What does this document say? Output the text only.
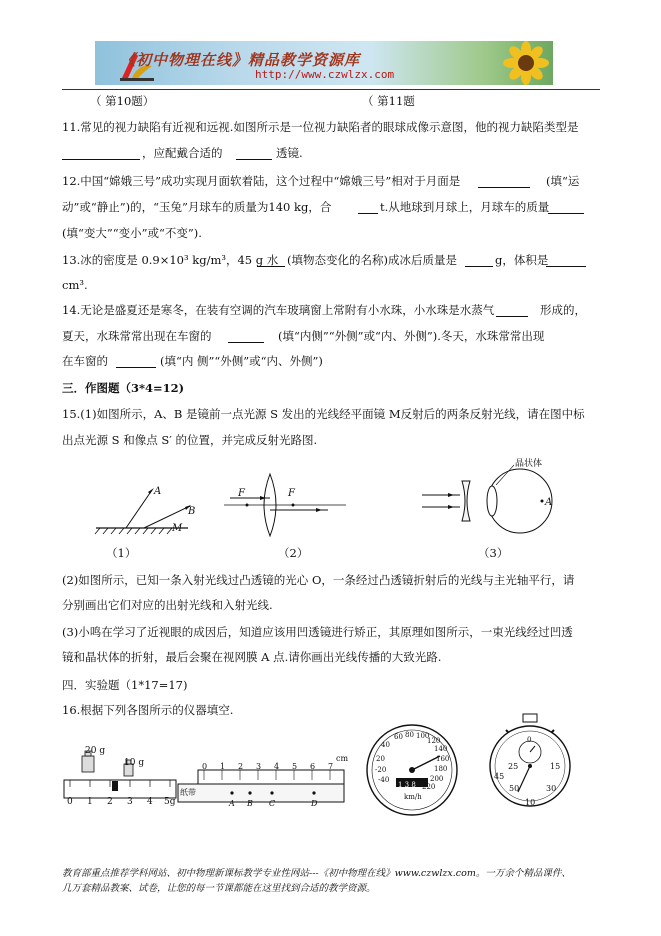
《初中物理在线》精品教学资源库
http://www.czwlzx.com
（ 第10题）	（ 第11题
11.常见的视力缺陷有近视和远视.如图所示是一位视力缺陷者的眼球成像示意图，他的视力缺陷类型是
，应配戴合适的	透镜.
12.中国“嫦娥三号”成功实现月面软着陆，这个过程中“嫦娥三号”相对于月面是	(填“运
动”或“静止”)的，“玉兔”月球车的质量为140 kg，合	t.从地球到月球上，月球车的质量
(填“变大”“变小”或“不变”).
13.冰的密度是 0.9×10³ kg/m³，45 g 水 (填物态变化的名称)成冰后质量是	g，体积是
cm³.
14.无论是盛夏还是寒冬，在装有空调的汽车玻璃窗上常附有小水珠，小水珠是水蒸气	形成的，
夏天，水珠常常出现在车窗的	(填“内侧”“外侧”或“内、外侧”).冬天，水珠常常出现
在车窗的	(填“内 侧”“外侧”或“内、外侧”)
三．作图题（3*4=12)
15.(1)如图所示，A、B 是镜前一点光源 S 发出的光线经平面镜 M反射后的两条反射光线，请在图中标
出点光源 S 和像点 S′ 的位置，并完成反射光路图.
A
B
M
F	F
晶状体
A
（1）	（2）	（3）
(2)如图所示，已知一条入射光线过凸透镜的光心 O，一条经过凸透镜折射后的光线与主光轴平行，请
分别画出它们对应的出射光线和入射光线.
(3)小鸣在学习了近视眼的成因后，知道应该用凹透镜进行矫正，其原理如图所示，一束光线经过凹透
镜和晶状体的折射，最后会聚在视网膜 A 点.请你画出光线传播的大致光路.
四．实验题（1*17=17)
16.根据下列各图所示的仪器填空.
20 g
10 g
0 1 2 3 4 5g
0 1 2 3 4 5 6 7
cm
纸带
A B C	D
40
20
60 80 100
120
140
160
180
200
220
-20
-40
1 3 8
km/h
0
25	15
45
50	30
10
教育部重点推荐学科网站、初中物理新课标教学专业性网站---《初中物理在线》www.czwlzx.com。一万余个精品课件、
几万套精品教案、试卷，让您的每一节课都能在这里找到合适的教学资源。
